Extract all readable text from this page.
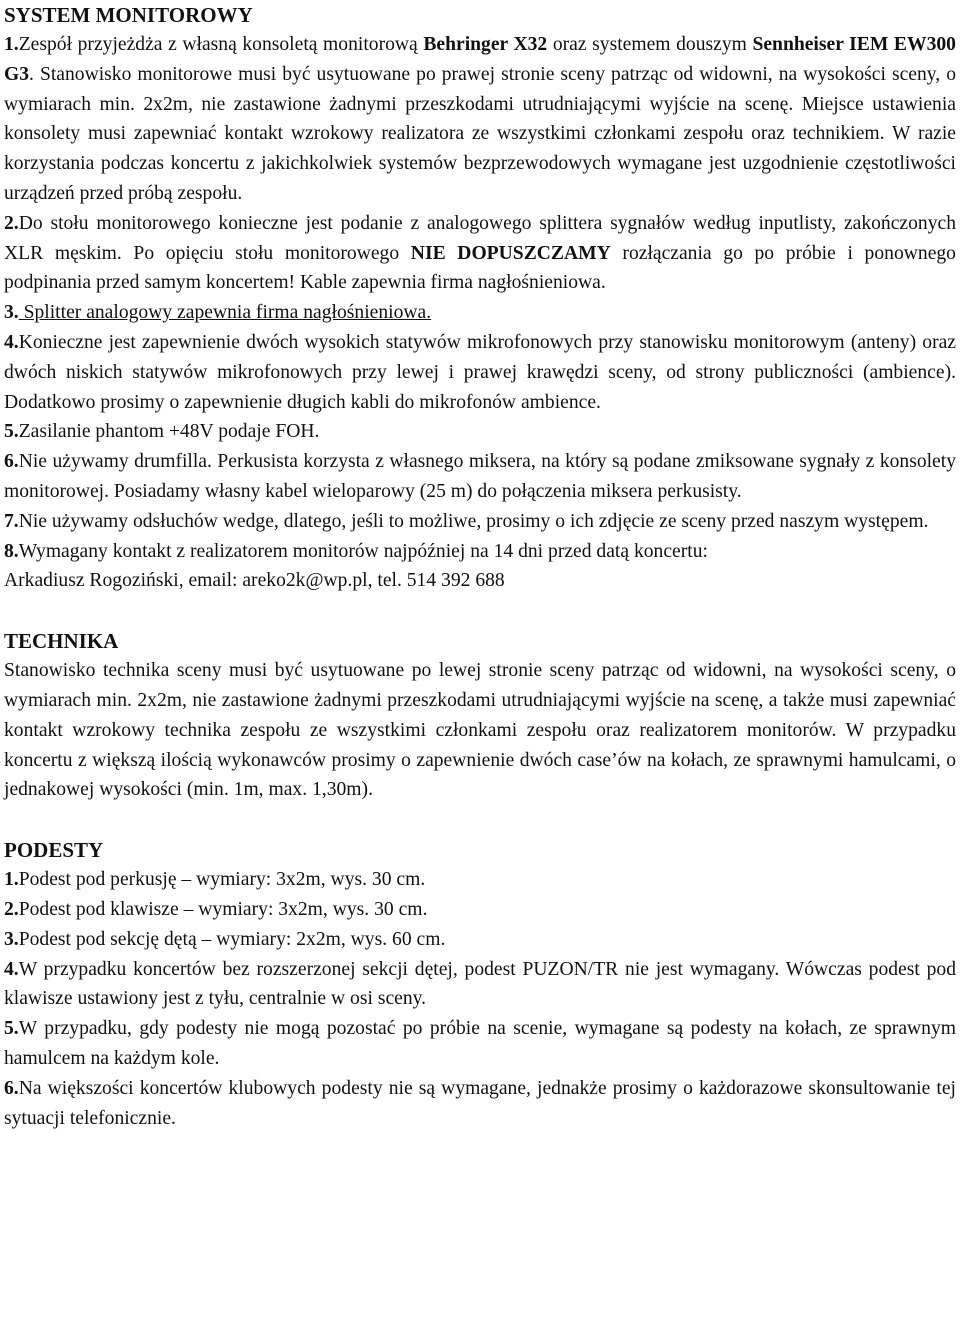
SYSTEM MONITOROWY

1.Zespół przyjeżdża z własną konsoletą monitorową Behringer X32 oraz systemem douszym Sennheiser IEM EW300 G3. Stanowisko monitorowe musi być usytuowane po prawej stronie sceny patrząc od widowni, na wysokości sceny, o wymiarach min. 2x2m, nie zastawione żadnymi przeszkodami utrudniającymi wyjście na scenę. Miejsce ustawienia konsolety musi zapewniać kontakt wzrokowy realizatora ze wszystkimi członkami zespołu oraz technikiem. W razie korzystania podczas koncertu z jakichkolwiek systemów bezprzewodowych wymagane jest uzgodnienie częstotliwości urządzeń przed próbą zespołu.

2.Do stołu monitorowego konieczne jest podanie z analogowego splittera sygnałów według inputlisty, zakończonych XLR męskim. Po opięciu stołu monitorowego NIE DOPUSZCZAMY rozłączania go po próbie i ponownego podpinania przed samym koncertem! Kable zapewnia firma nagłośnieniowa.

3. Splitter analogowy zapewnia firma nagłośnieniowa.

4.Konieczne jest zapewnienie dwóch wysokich statywów mikrofonowych przy stanowisku monitorowym (anteny) oraz dwóch niskich statywów mikrofonowych przy lewej i prawej krawędzi sceny, od strony publiczności (ambience). Dodatkowo prosimy o zapewnienie długich kabli do mikrofonów ambience.

5.Zasilanie phantom +48V podaje FOH.

6.Nie używamy drumfilla. Perkusista korzysta z własnego miksera, na który są podane zmiksowane sygnały z konsolety monitorowej. Posiadamy własny kabel wieloparowy (25 m) do połączenia miksera perkusisty.

7.Nie używamy odsłuchów wedge, dlatego, jeśli to możliwe, prosimy o ich zdjęcie ze sceny przed naszym występem.

8.Wymagany kontakt z realizatorem monitorów najpóźniej na 14 dni przed datą koncertu:
Arkadiusz Rogoziński, email: areko2k@wp.pl, tel. 514 392 688

TECHNIKA

Stanowisko technika sceny musi być usytuowane po lewej stronie sceny patrząc od widowni, na wysokości sceny, o wymiarach min. 2x2m, nie zastawione żadnymi przeszkodami utrudniającymi wyjście na scenę, a także musi zapewniać kontakt wzrokowy technika zespołu ze wszystkimi członkami zespołu oraz realizatorem monitorów. W przypadku koncertu z większą ilością wykonawców prosimy o zapewnienie dwóch case’ów na kołach, ze sprawnymi hamulcami, o jednakowej wysokości (min. 1m, max. 1,30m).

PODESTY

1.Podest pod perkusję – wymiary: 3x2m, wys. 30 cm.

2.Podest pod klawisze – wymiary: 3x2m, wys. 30 cm.

3.Podest pod sekcję dętą – wymiary: 2x2m, wys. 60 cm.

4.W przypadku koncertów bez rozszerzonej sekcji dętej, podest PUZON/TR nie jest wymagany. Wówczas podest pod klawisze ustawiony jest z tyłu, centralnie w osi sceny.

5.W przypadku, gdy podesty nie mogą pozostać po próbie na scenie, wymagane są podesty na kołach, ze sprawnym hamulcem na każdym kole.

6.Na większości koncertów klubowych podesty nie są wymagane, jednakże prosimy o każdorazowe skonsultowanie tej sytuacji telefonicznie.
